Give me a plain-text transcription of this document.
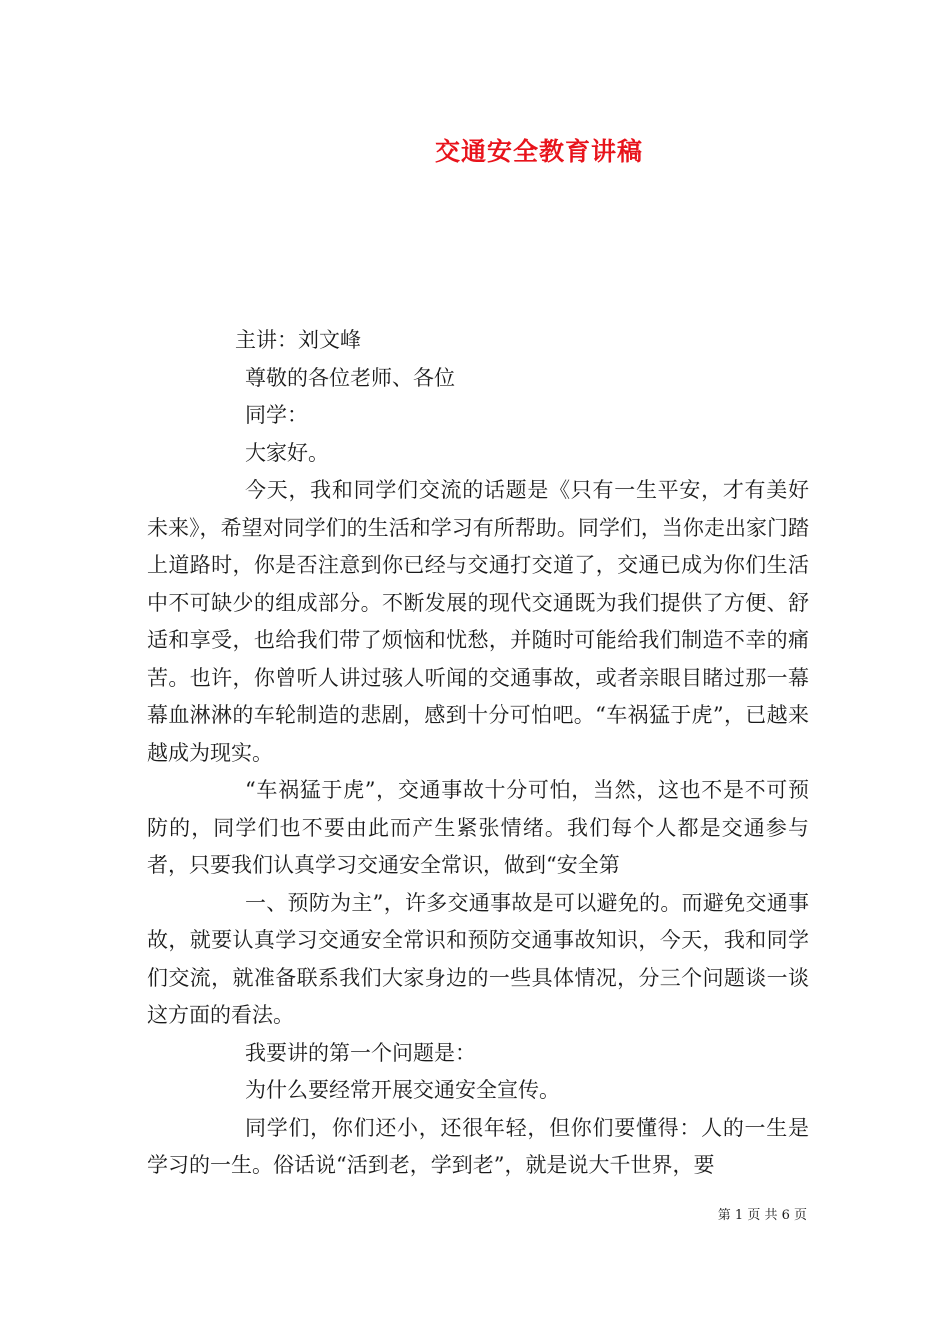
交通安全教育讲稿
主讲：刘文峰
尊敬的各位老师、各位
同学：
大家好。

今天，我和同学们交流的话题是《只有一生平安，才有美好未来》，希望对同学们的生活和学习有所帮助。同学们，当你走出家门踏上道路时，你是否注意到你已经与交通打交道了，交通已成为你们生活中不可缺少的组成部分。不断发展的现代交通既为我们提供了方便、舒适和享受，也给我们带了烦恼和忧愁，并随时可能给我们制造不幸的痛苦。也许，你曾听人讲过骇人听闻的交通事故，或者亲眼目睹过那一幕幕血淋淋的车轮制造的悲剧，感到十分可怕吧。“车祸猛于虎”，已越来越成为现实。

“车祸猛于虎”，交通事故十分可怕，当然，这也不是不可预防的，同学们也不要由此而产生紧张情绪。我们每个人都是交通参与者，只要我们认真学习交通安全常识，做到“安全第

一、预防为主”，许多交通事故是可以避免的。而避免交通事故，就要认真学习交通安全常识和预防交通事故知识，今天，我和同学们交流，就准备联系我们大家身边的一些具体情况，分三个问题谈一谈这方面的看法。

我要讲的第一个问题是：
为什么要经常开展交通安全宣传。

同学们，你们还小，还很年轻，但你们要懂得：人的一生是学习的一生。俗话说“活到老，学到老”，就是说大千世界，要

第 1 页 共 6 页
